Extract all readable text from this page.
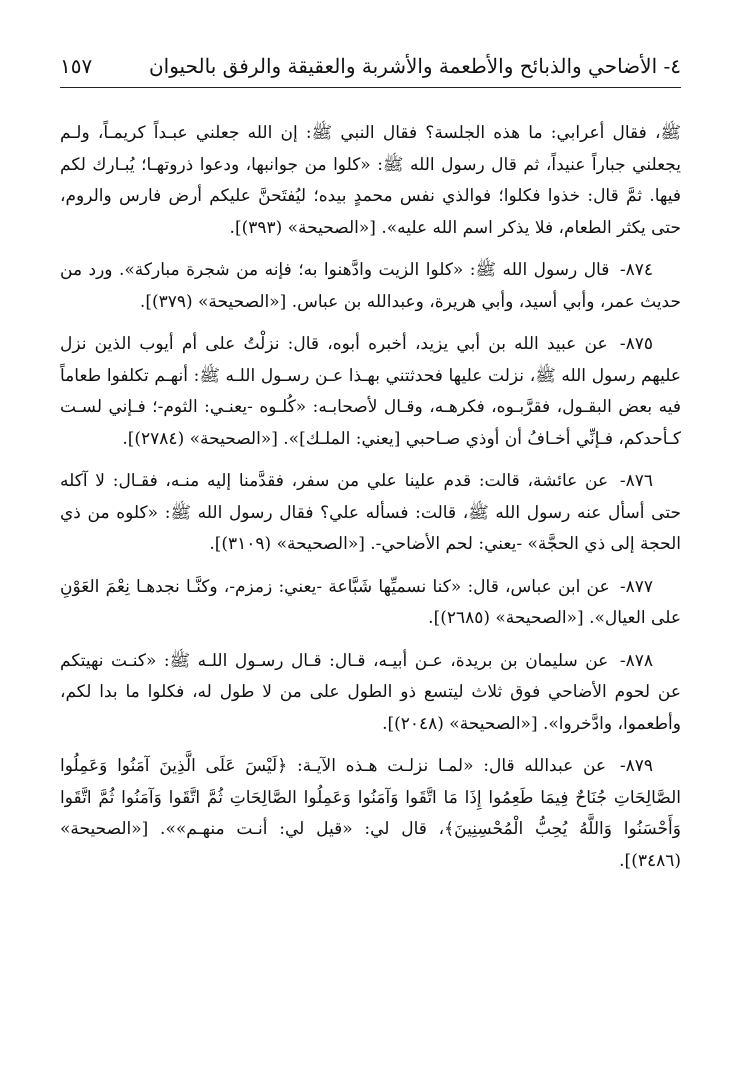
٤- الأضاحي والذبائح والأطعمة والأشربة والعقيقة والرفق بالحيوان
١٥٧

ﷺ، فقال أعرابي: ما هذه الجلسة؟ فقال النبي ﷺ: إن الله جعلني عبـداً كريمـاً، ولـم يجعلني جباراً عنيداً، ثم قال رسول الله ﷺ: «كلوا من جوانبها، ودعوا ذروتهـا؛ يُبـارك لكم فيها. ثمَّ قال: خذوا فكلوا؛ فوالذي نفس محمدٍ بيده؛ ليُفتَحنَّ عليكم أرض فارس والروم، حتى يكثر الطعام، فلا يذكر اسم الله عليه». [«الصحيحة» (٣٩٣)].

٨٧٤- قال رسول الله ﷺ: «كلوا الزيت وادَّهنوا به؛ فإنه من شجرة مباركة». ورد من حديث عمر، وأبي أسيد، وأبي هريرة، وعبدالله بن عباس. [«الصحيحة» (٣٧٩)].

٨٧٥- عن عبيد الله بن أبي يزيد، أخبره أبوه، قال: نزلْتُ على أم أيوب الذين نزل عليهم رسول الله ﷺ، نزلت عليها فحدثتني بهـذا عـن رسـول اللـه ﷺ: أنهـم تكلفوا طعاماً فيه بعض البقـول، فقرَّبـوه، فكرهـه، وقـال لأصحابـه: «كُلـوه -يعنـي: الثوم-؛ فـإني لسـت كـأحدكم، فـإنِّي أخـافُ أن أوذي صـاحبي [يعني: الملـك]». [«الصحيحة» (٢٧٨٤)].

٨٧٦- عن عائشة، قالت: قدم علينا علي من سفر، فقدَّمنا إليه منـه، فقـال: لا آكله حتى أسأل عنه رسول الله ﷺ، قالت: فسأله علي؟ فقال رسول الله ﷺ: «كلوه من ذي الحجة إلى ذي الحجَّة» -يعني: لحم الأضاحي-. [«الصحيحة» (٣١٠٩)].

٨٧٧- عن ابن عباس، قال: «كنا نسميِّها شَبَّاعة -يعني: زمزم-، وكنَّـا نجدهـا نِعْمَ العَوْنِ على العيال». [«الصحيحة» (٢٦٨٥)].

٨٧٨- عن سليمان بن بريدة، عـن أبيـه، قـال: قـال رسـول اللـه ﷺ: «كنـت نهيتكم عن لحوم الأضاحي فوق ثلاث ليتسع ذو الطول على من لا طول له، فكلوا ما بدا لكم، وأطعموا، وادَّخروا». [«الصحيحة» (٢٠٤٨)].

٨٧٩- عن عبدالله قال: «لمـا نزلـت هـذه الآيـة: ﴿لَيْسَ عَلَى الَّذِينَ آمَنُوا وَعَمِلُوا الصَّالِحَاتِ جُنَاحٌ فِيمَا طَعِمُوا إِذَا مَا اتَّقَوا وَآمَنُوا وَعَمِلُوا الصَّالِحَاتِ ثُمَّ اتَّقَوا وَآمَنُوا ثُمَّ اتَّقَوا وَأَحْسَنُوا وَاللَّهُ يُحِبُّ الْمُحْسِنِينَ﴾، قال لي: «قيل لي: أنـت منهـم»». [«الصحيحة» (٣٤٨٦)].
